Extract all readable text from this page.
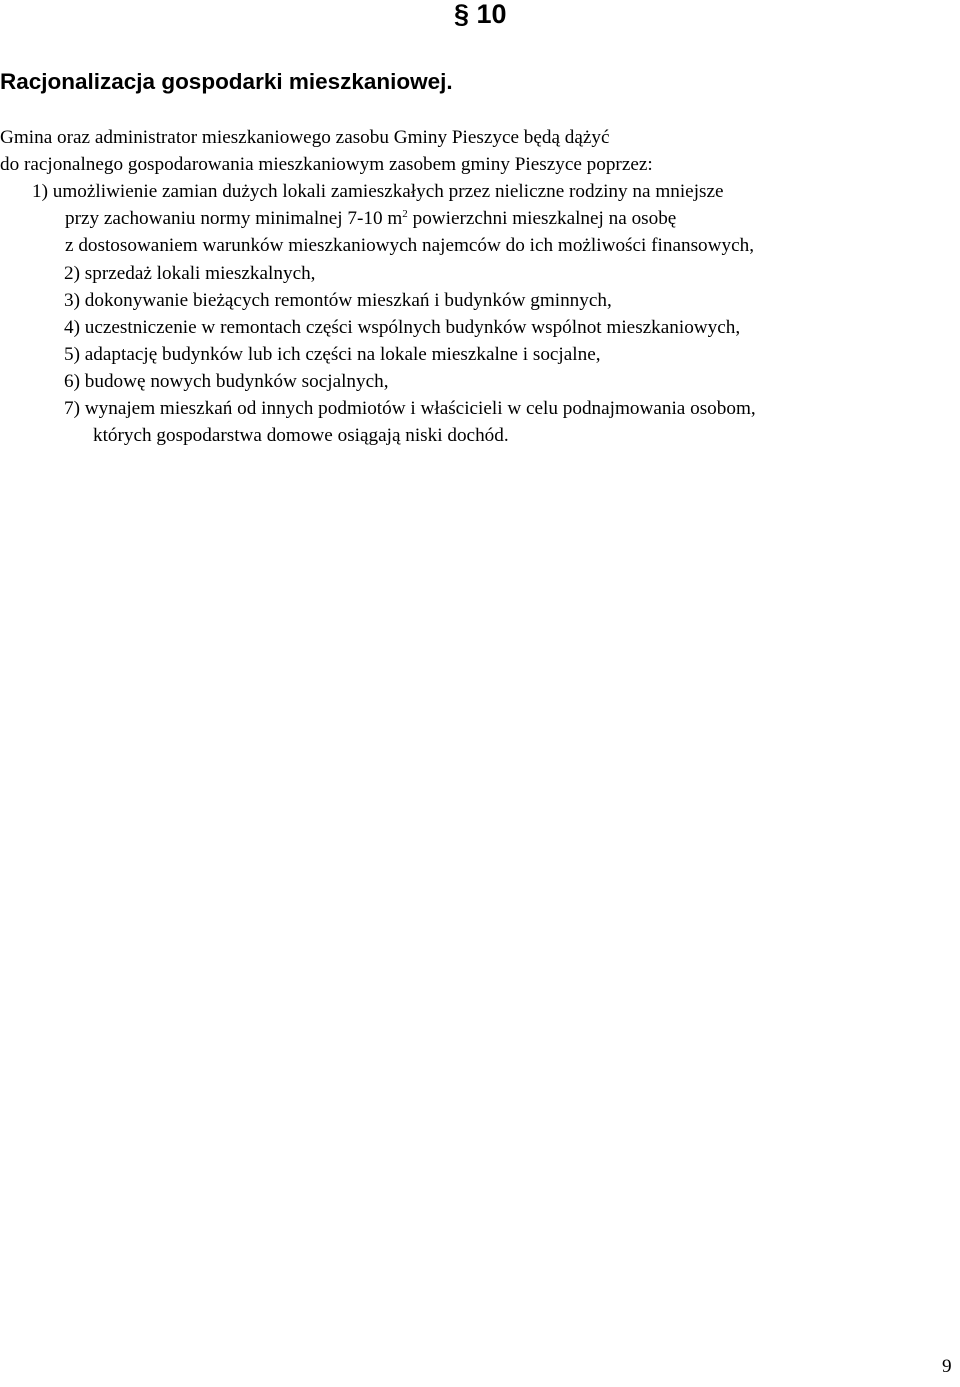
§ 10
Racjonalizacja gospodarki mieszkaniowej.
Gmina oraz administrator mieszkaniowego zasobu Gminy Pieszyce będą dążyć
do racjonalnego gospodarowania mieszkaniowym zasobem gminy Pieszyce poprzez:
1) umożliwienie zamian dużych lokali zamieszkałych przez nieliczne rodziny na mniejsze
przy zachowaniu normy minimalnej 7-10 $m^2$ powierzchni mieszkalnej na osobę
z dostosowaniem warunków mieszkaniowych najemców do ich możliwości finansowych,
2) sprzedaż lokali mieszkalnych,
3) dokonywanie bieżących remontów mieszkań i budynków gminnych,
4) uczestniczenie w remontach części wspólnych budynków wspólnot mieszkaniowych,
5) adaptację budynków lub ich części na lokale mieszkalne i socjalne,
6) budowę nowych budynków socjalnych,
7) wynajem mieszkań od innych podmiotów i właścicieli w celu podnajmowania osobom,
których gospodarstwa domowe osiągają niski dochód.
9
